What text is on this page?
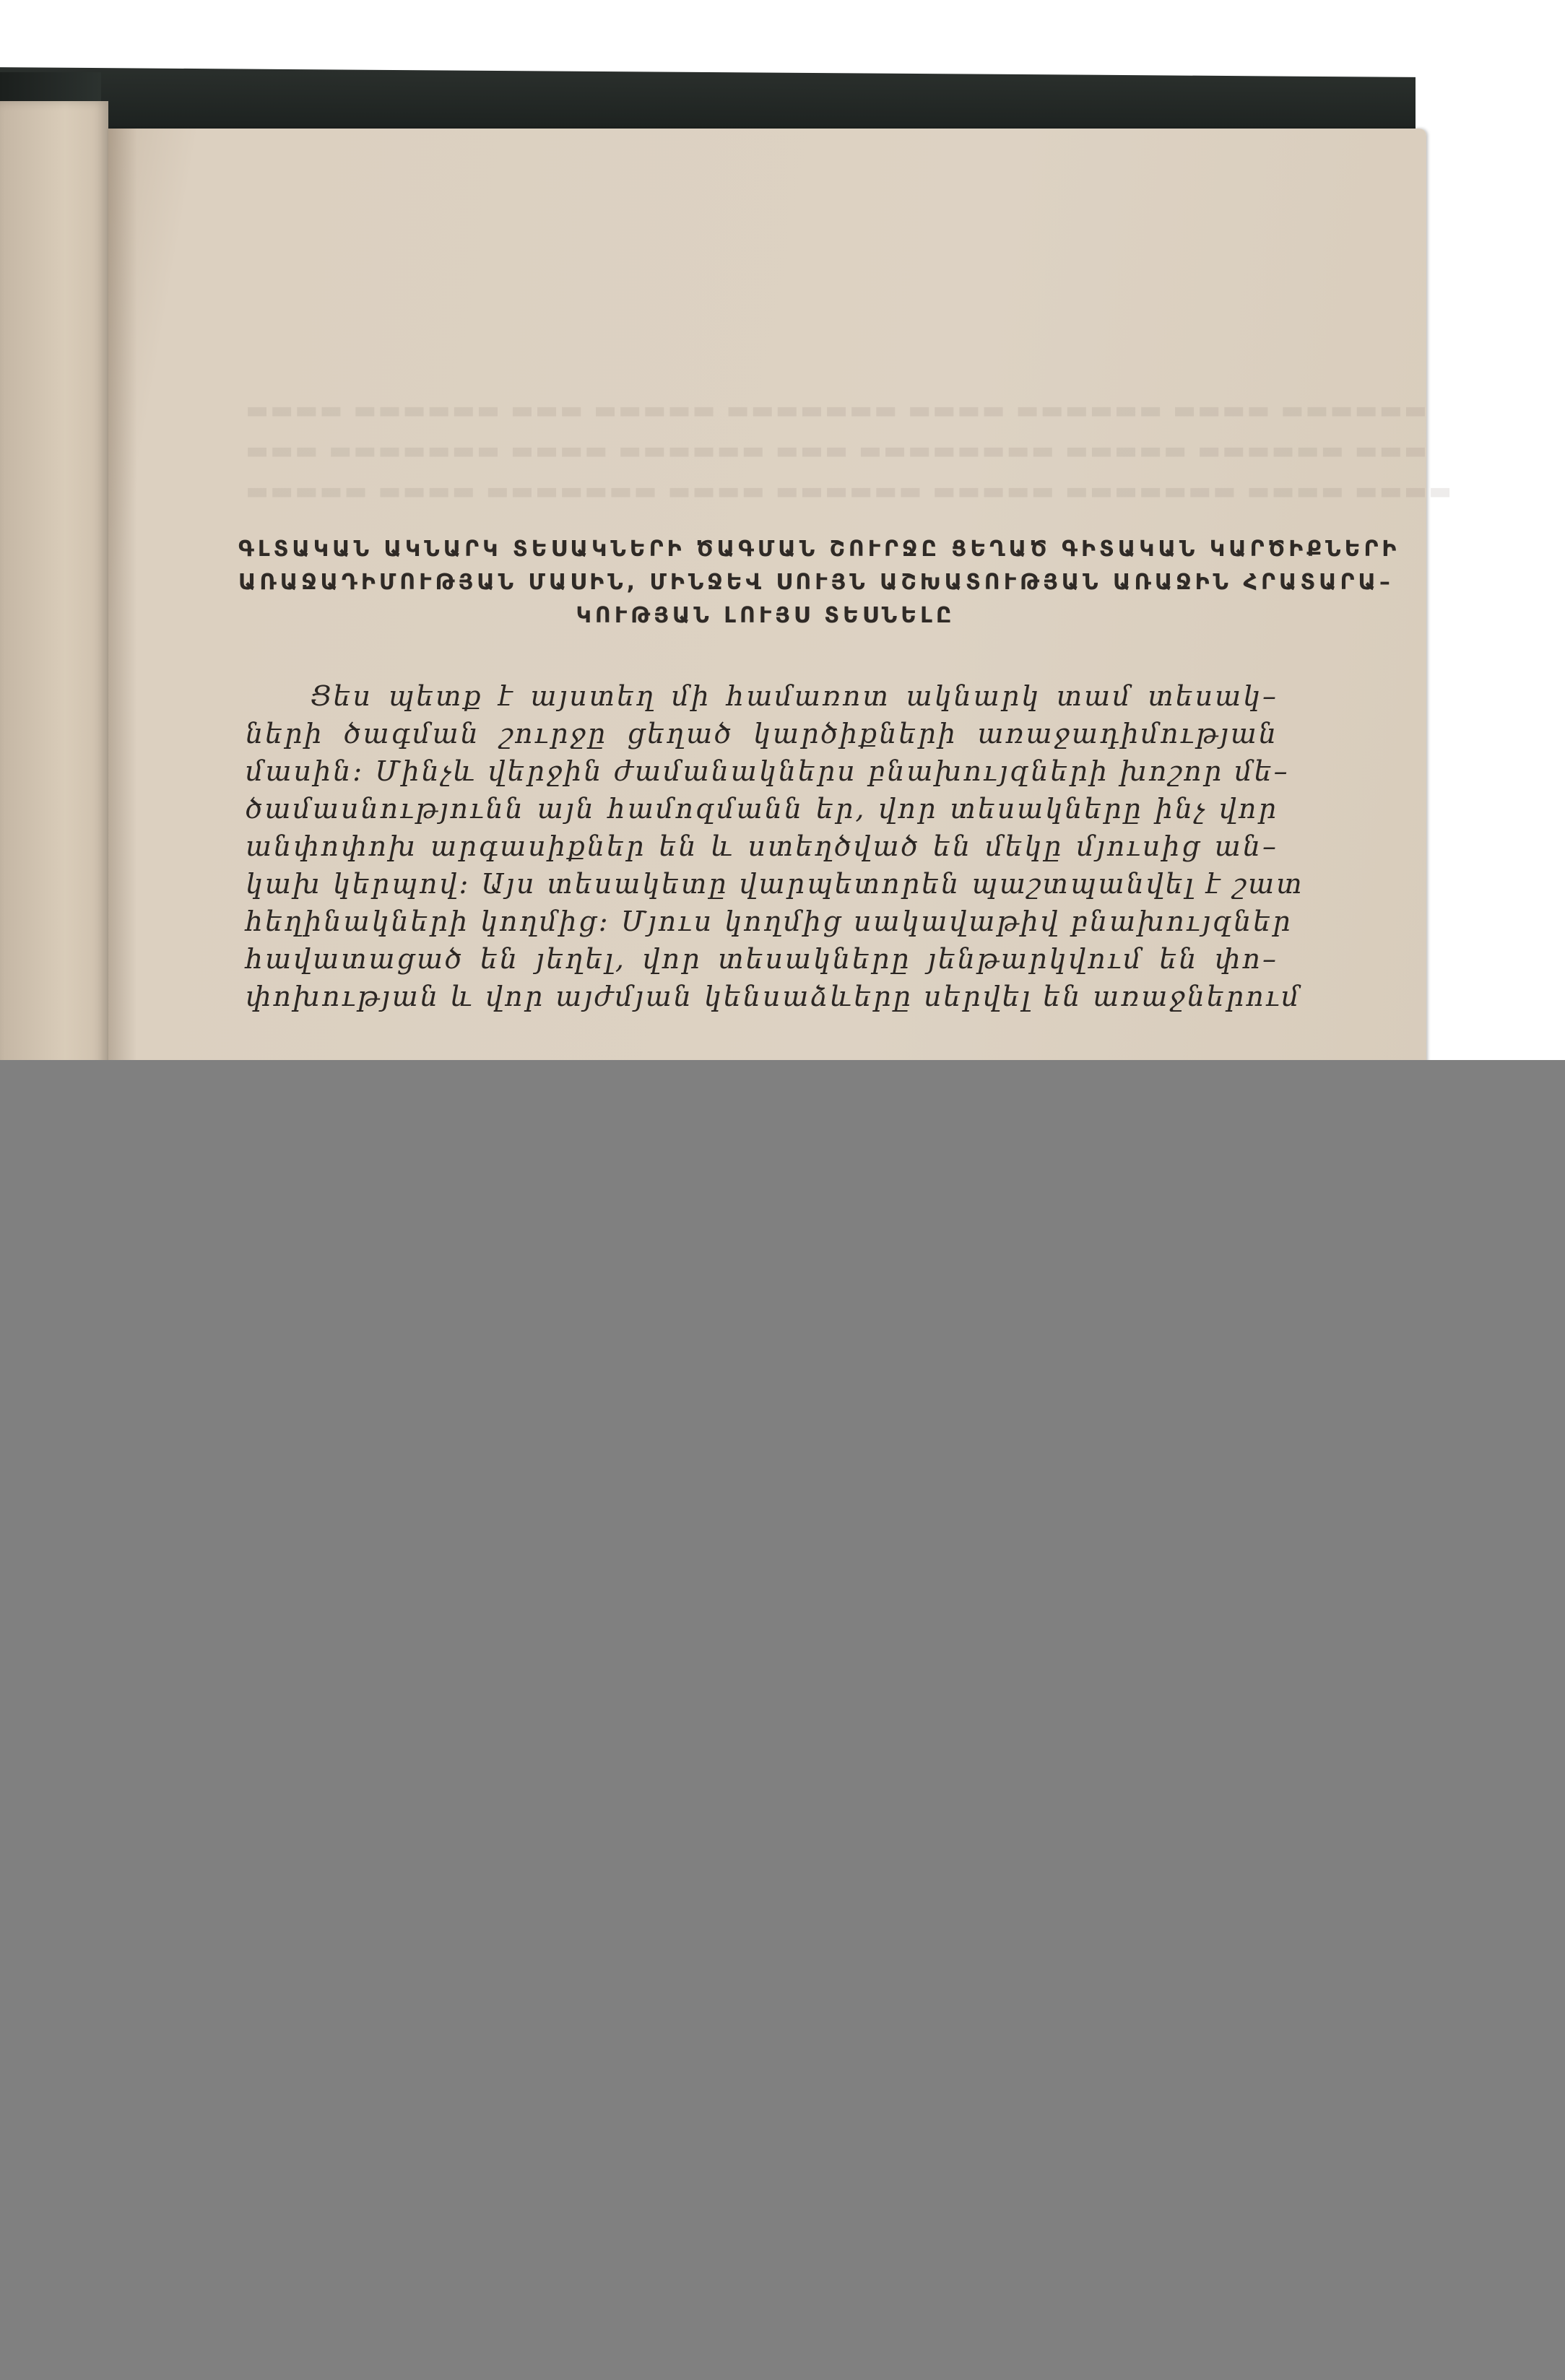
▬▬▬▬ ▬▬▬▬▬▬ ▬▬▬ ▬▬▬▬▬ ▬▬▬▬▬▬▬ ▬▬▬▬ ▬▬▬▬▬▬ ▬▬▬▬ ▬▬▬▬▬▬
▬▬▬ ▬▬▬▬▬▬▬ ▬▬▬▬ ▬▬▬▬▬▬ ▬▬▬ ▬▬▬▬▬▬▬▬ ▬▬▬▬▬ ▬▬▬▬▬▬ ▬▬▬
▬▬▬▬▬ ▬▬▬▬ ▬▬▬▬▬▬▬ ▬▬▬▬ ▬▬▬▬▬▬ ▬▬▬▬▬ ▬▬▬▬▬▬▬ ▬▬▬▬ ▬▬▬▬
ԳԼՏԱԿԱՆ ԱԿՆԱՐԿ ՏԵՍԱԿՆԵՐԻ ԾԱԳՄԱՆ ՇՈՒՐՋԸ ՑԵՂԱԾ ԳԻՏԱԿԱՆ ԿԱՐԾԻՔՆԵՐԻ
ԱՌԱՋԱԴԻՄՈՒԹՅԱՆ ՄԱՍԻՆ, ՄԻՆՋԵՎ ՍՈՒՅՆ ԱՇԽԱՏՈՒԹՅԱՆ ԱՌԱՋԻՆ ՀՐԱՏԱՐԱ–
ԿՈՒԹՅԱՆ ԼՈՒՅՍ ՏԵՍՆԵԼԸ
Ցես պետք է այստեղ մի համառոտ ակնարկ տամ տեսակ–
ների ծագման շուրջը ցեղած կարծիքների առաջադիմության
մասին։ Մինչև վերջին ժամանակներս բնախույզների խոշոր մե–
ծամասնությունն այն համոզմանն եր, վոր տեսակները ինչ վոր
անփոփոխ արգասիքներ են և ստեղծված են մեկը մյուսից ան–
կախ կերպով։ Այս տեսակետը վարպետորեն պաշտպանվել է շատ
հեղինակների կողմից։ Մյուս կողմից սակավաթիվ բնախույզներ
հավատացած են յեղել, վոր տեսակները յենթարկվում են փո–
փոխության և վոր այժմյան կենսաձևերը սերվել են առաջներում
